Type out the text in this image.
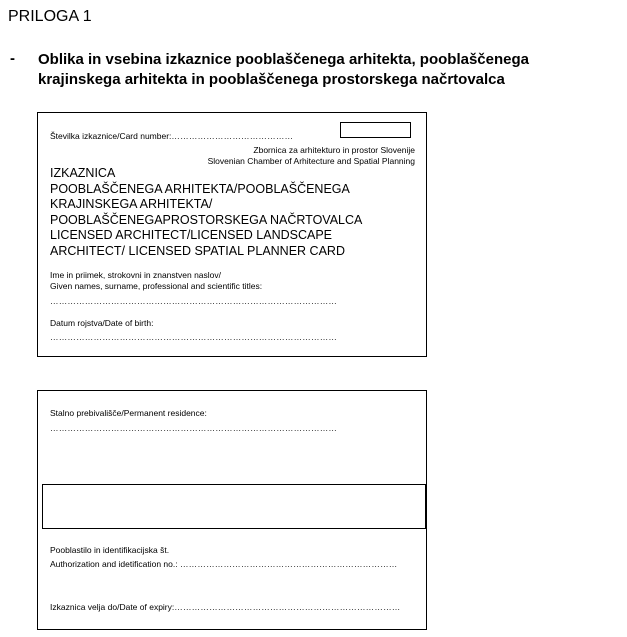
PRILOGA 1
- Oblika in vsebina izkaznice pooblaščenega arhitekta, pooblaščenega
krajinskega arhitekta in pooblaščenega prostorskega načrtovalca
Številka izkaznice/Card number:……………………………………
Zbornica za arhitekturo in prostor Slovenije
Slovenian Chamber of Arhitecture and Spatial Planning
IZKAZNICA
POOBLAŠČENEGA ARHITEKTA/POOBLAŠČENEGA
KRAJINSKEGA ARHITEKTA/
POOBLAŠČENEGAPROSTORSKEGA NAČRTOVALCA
LICENSED ARCHITECT/LICENSED LANDSCAPE
ARCHITECT/ LICENSED SPATIAL PLANNER CARD
Ime in priimek, strokovni in znanstven naslov/
Given names, surname, professional and scientific titles:
………………………………………………………………………………………
Datum rojstva/Date of birth:
………………………………………………………………………………………
Stalno prebivališče/Permanent residence:
………………………………………………………………………………………
Pooblastilo in identifikacijska št.
Authorization and idetification no.: …………………………………………………………………
Izkaznica velja do/Date of expiry:……………………………………………………………………
